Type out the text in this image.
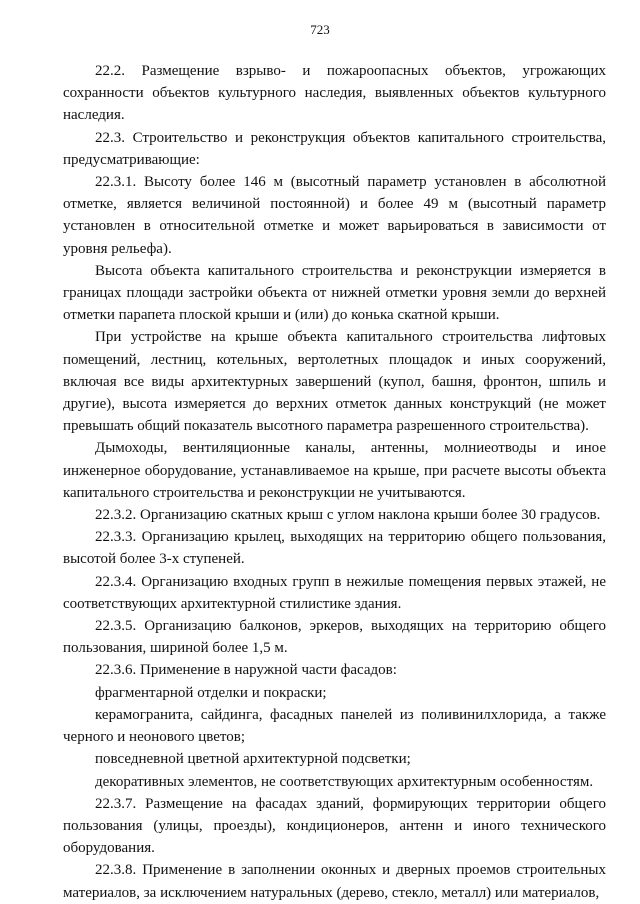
723

22.2. Размещение взрыво- и пожароопасных объектов, угрожающих сохранности объектов культурного наследия, выявленных объектов культурного наследия.

22.3. Строительство и реконструкция объектов капитального строительства, предусматривающие:

22.3.1. Высоту более 146 м (высотный параметр установлен в абсолютной отметке, является величиной постоянной) и более 49 м (высотный параметр установлен в относительной отметке и может варьироваться в зависимости от уровня рельефа).

Высота объекта капитального строительства и реконструкции измеряется в границах площади застройки объекта от нижней отметки уровня земли до верхней отметки парапета плоской крыши и (или) до конька скатной крыши.

При устройстве на крыше объекта капитального строительства лифтовых помещений, лестниц, котельных, вертолетных площадок и иных сооружений, включая все виды архитектурных завершений (купол, башня, фронтон, шпиль и другие), высота измеряется до верхних отметок данных конструкций (не может превышать общий показатель высотного параметра разрешенного строительства).

Дымоходы, вентиляционные каналы, антенны, молниеотводы и иное инженерное оборудование, устанавливаемое на крыше, при расчете высоты объекта капитального строительства и реконструкции не учитываются.

22.3.2. Организацию скатных крыш с углом наклона крыши более 30 градусов.

22.3.3. Организацию крылец, выходящих на территорию общего пользования, высотой более 3-х ступеней.

22.3.4. Организацию входных групп в нежилые помещения первых этажей, не соответствующих архитектурной стилистике здания.

22.3.5. Организацию балконов, эркеров, выходящих на территорию общего пользования, шириной более 1,5 м.

22.3.6. Применение в наружной части фасадов:

фрагментарной отделки и покраски;

керамогранита, сайдинга, фасадных панелей из поливинилхлорида, а также черного и неонового цветов;

повседневной цветной архитектурной подсветки;

декоративных элементов, не соответствующих архитектурным особенностям.

22.3.7. Размещение на фасадах зданий, формирующих территории общего пользования (улицы, проезды), кондиционеров, антенн и иного технического оборудования.

22.3.8. Применение в заполнении оконных и дверных проемов строительных материалов, за исключением натуральных (дерево, стекло, металл) или материалов,
